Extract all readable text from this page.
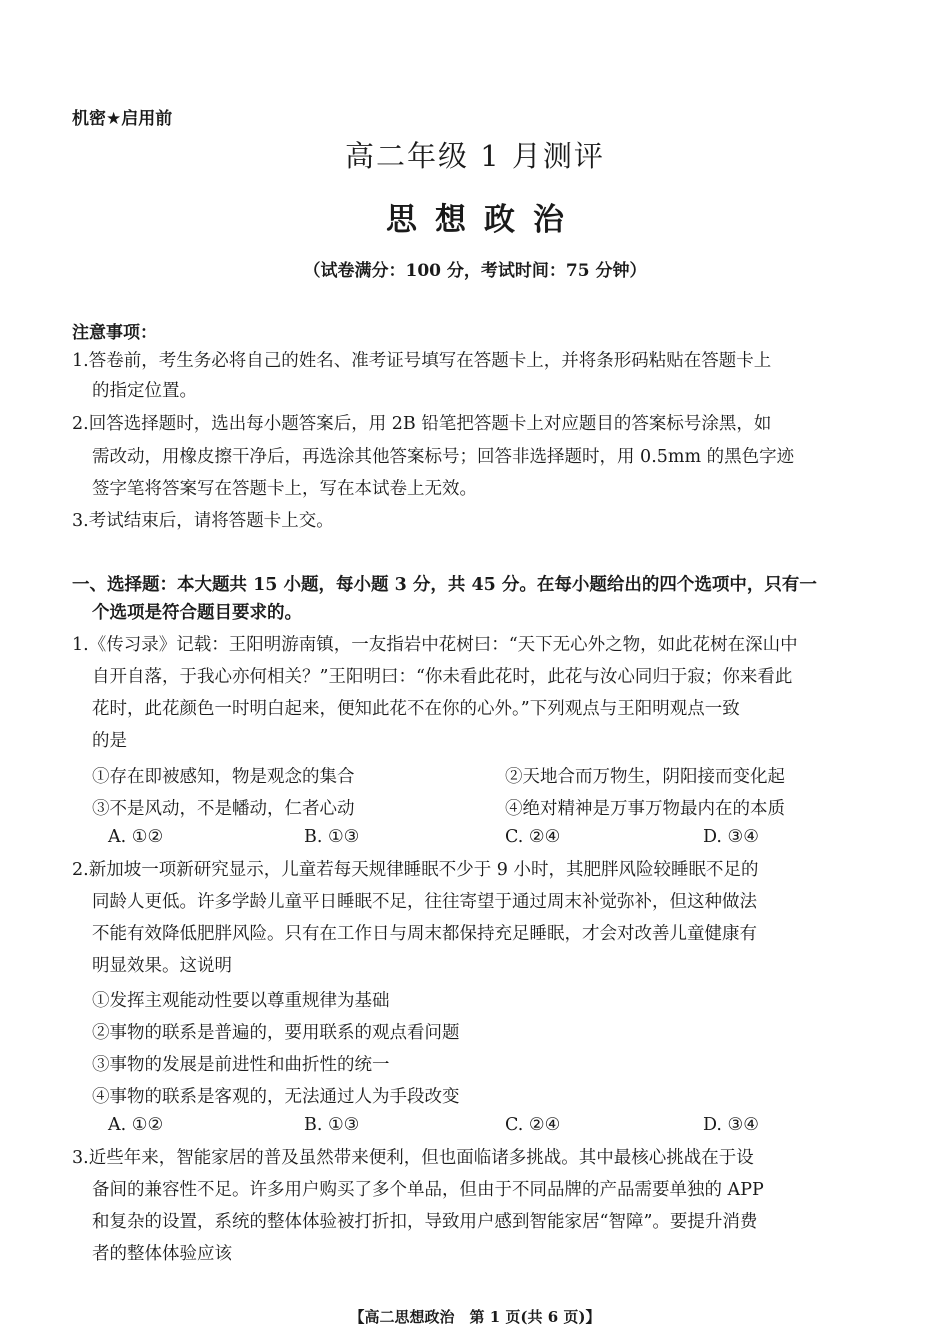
机密★启用前
高二年级 1 月测评
思想政治
（试卷满分：100 分，考试时间：75 分钟）
注意事项：
1.答卷前，考生务必将自己的姓名、准考证号填写在答题卡上，并将条形码粘贴在答题卡上
的指定位置。
2.回答选择题时，选出每小题答案后，用 2B 铅笔把答题卡上对应题目的答案标号涂黑，如
需改动，用橡皮擦干净后，再选涂其他答案标号；回答非选择题时，用 0.5mm 的黑色字迹
签字笔将答案写在答题卡上，写在本试卷上无效。
3.考试结束后，请将答题卡上交。
一、选择题：本大题共 15 小题，每小题 3 分，共 45 分。在每小题给出的四个选项中，只有一
个选项是符合题目要求的。
1.《传习录》记载：王阳明游南镇，一友指岩中花树曰：“天下无心外之物，如此花树在深山中
自开自落，于我心亦何相关？”王阳明曰：“你未看此花时，此花与汝心同归于寂；你来看此
花时，此花颜色一时明白起来，便知此花不在你的心外。”下列观点与王阳明观点一致
的是
①存在即被感知，物是观念的集合	②天地合而万物生，阴阳接而变化起
③不是风动，不是幡动，仁者心动	④绝对精神是万事万物最内在的本质
A. ①②	B. ①③	C. ②④	D. ③④
2.新加坡一项新研究显示，儿童若每天规律睡眠不少于 9 小时，其肥胖风险较睡眠不足的
同龄人更低。许多学龄儿童平日睡眠不足，往往寄望于通过周末补觉弥补，但这种做法
不能有效降低肥胖风险。只有在工作日与周末都保持充足睡眠，才会对改善儿童健康有
明显效果。这说明
①发挥主观能动性要以尊重规律为基础
②事物的联系是普遍的，要用联系的观点看问题
③事物的发展是前进性和曲折性的统一
④事物的联系是客观的，无法通过人为手段改变
A. ①②	B. ①③	C. ②④	D. ③④
3.近些年来，智能家居的普及虽然带来便利，但也面临诸多挑战。其中最核心挑战在于设
备间的兼容性不足。许多用户购买了多个单品，但由于不同品牌的产品需要单独的 APP
和复杂的设置，系统的整体体验被打折扣，导致用户感到智能家居“智障”。要提升消费
者的整体体验应该
【高二思想政治　第 1 页(共 6 页)】
